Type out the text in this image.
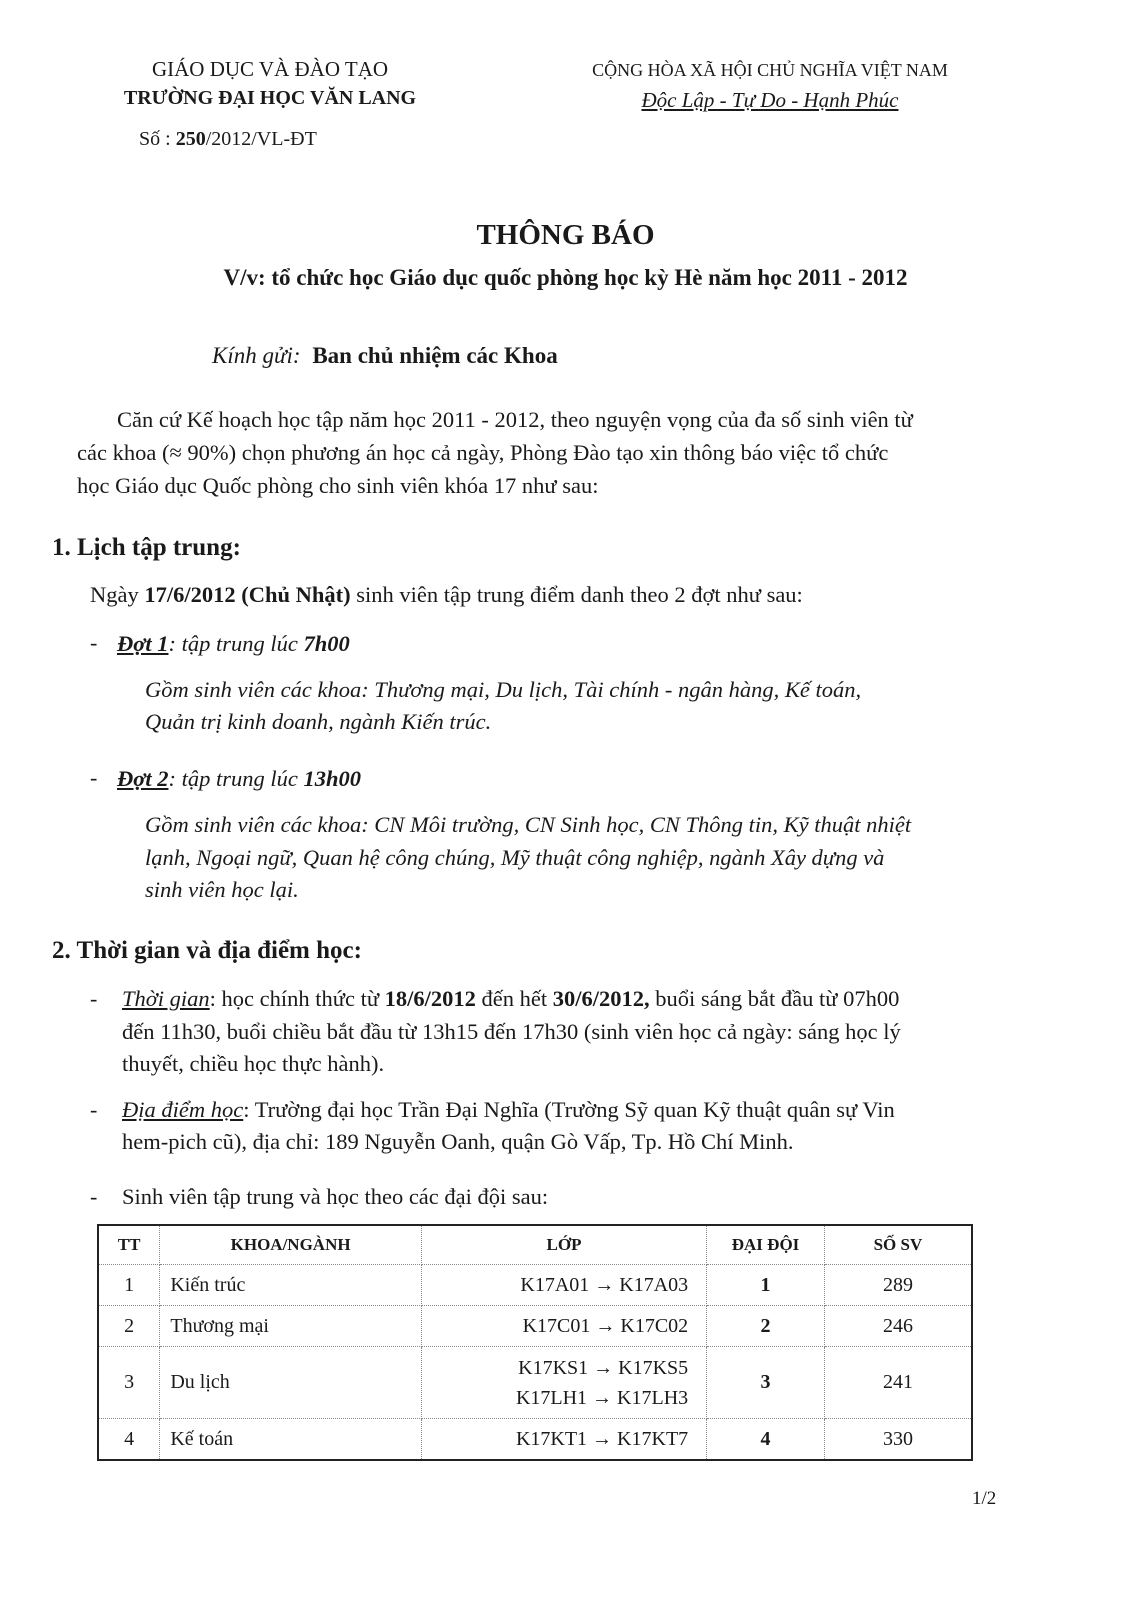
GIÁO DỤC VÀ ĐÀO TẠO
TRƯỜNG ĐẠI HỌC VĂN LANG
Số : 250/2012/VL-ĐT
CỘNG HÒA XÃ HỘI CHỦ NGHĨA VIỆT NAM
Độc Lập - Tự Do - Hạnh Phúc
THÔNG BÁO
V/v: tổ chức học Giáo dục quốc phòng học kỳ Hè năm học 2011 - 2012
Kính gửi: Ban chủ nhiệm các Khoa
Căn cứ Kế hoạch học tập năm học 2011 - 2012, theo nguyện vọng của đa số sinh viên từ
các khoa (≈ 90%) chọn phương án học cả ngày, Phòng Đào tạo xin thông báo việc tổ chức
học Giáo dục Quốc phòng cho sinh viên khóa 17 như sau:
1. Lịch tập trung:
Ngày 17/6/2012 (Chủ Nhật) sinh viên tập trung điểm danh theo 2 đợt như sau:
- Đợt 1: tập trung lúc 7h00
Gồm sinh viên các khoa: Thương mại, Du lịch, Tài chính - ngân hàng, Kế toán,
Quản trị kinh doanh, ngành Kiến trúc.
- Đợt 2: tập trung lúc 13h00
Gồm sinh viên các khoa: CN Môi trường, CN Sinh học, CN Thông tin, Kỹ thuật nhiệt
lạnh, Ngoại ngữ, Quan hệ công chúng, Mỹ thuật công nghiệp, ngành Xây dựng và
sinh viên học lại.
2. Thời gian và địa điểm học:
- Thời gian: học chính thức từ 18/6/2012 đến hết 30/6/2012, buổi sáng bắt đầu từ 07h00
đến 11h30, buổi chiều bắt đầu từ 13h15 đến 17h30 (sinh viên học cả ngày: sáng học lý
thuyết, chiều học thực hành).
- Địa điểm học: Trường đại học Trần Đại Nghĩa (Trường Sỹ quan Kỹ thuật quân sự Vin
hem-pich cũ), địa chỉ: 189 Nguyễn Oanh, quận Gò Vấp, Tp. Hồ Chí Minh.
- Sinh viên tập trung và học theo các đại đội sau:
TT	KHOA/NGÀNH	LỚP	ĐẠI ĐỘI	SỐ SV
1	Kiến trúc	K17A01 → K17A03	1	289
2	Thương mại	K17C01 → K17C02	2	246
3	Du lịch	K17KS1 → K17KS5
K17LH1 → K17LH3	3	241
4	Kế toán	K17KT1 → K17KT7	4	330
1/2
